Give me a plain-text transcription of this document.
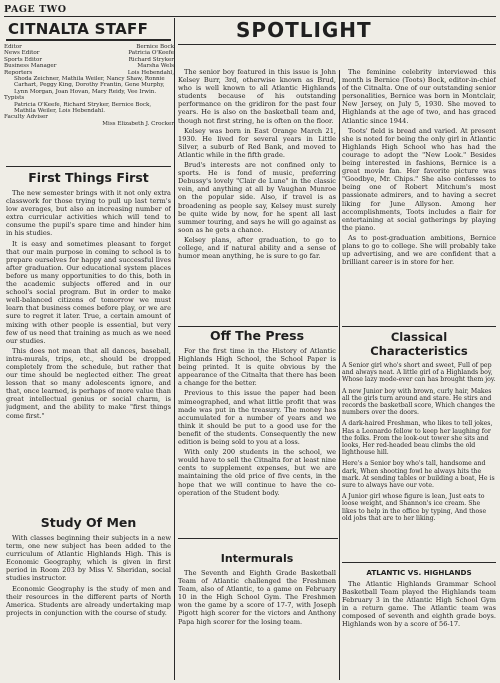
PAGE TWO
CITNALTA STAFF
Editor	Bernice Bock
News Editor	Patricia O'Keefe
Sports Editor	Richard Stryker
Business Manager	Marsha Wels
Reporters	Lois Hebendahl,
Shoda Zeichner, Mathila Weiler, Nancy Shaw, Ronnie Carhart, Peggy King, Dorothy Frantin, Gene Murphy, Lynn Morgan, Joan Hovan, Mary Reidy, Vee Irwin.
Typists
Patricia O'Keefe, Richard Stryker, Bernice Bock, Mathila Weiler, Lois Hebendahl.
Faculty Adviser
Miss Elizabeth J. Crocker
First Things First

The new semester brings with it not only extra classwork for those trying to pull up last term's low averages, but also an increasing number of extra curricular activities which will tend to consume the pupil's spare time and hinder him in his studies.

It is easy and sometimes pleasant to forget that our main purpose in coming to school is to prepare ourselves for happy and successful lives after graduation. Our educational system places before us many opportunities to do this, both in the academic subjects offered and in our school's social program. But in order to make well-balanced citizens of tomorrow we must learn that business comes before play, or we are sure to regret it later. True, a certain amount of mixing with other people is essential, but very few of us need that training as much as we need our studies.

This does not mean that all dances, baseball, intra-murals, trips, etc., should be dropped completely from the schedule, but rather that our time should be neglected either. The great lesson that so many adolescents ignore, and that, once learned, is perhaps of more value than great intellectual genius or social charm, is judgment, and the ability to make "first things come first."

Study Of Men

With classes beginning their subjects in a new term, one new subject has been added to the curriculum of Atlantic Highlands High. This is Economic Geography, which is given in first period in Room 203 by Miss V. Sheridan, social studies instructor.

Economic Geography is the study of men and their resources in the different parts of North America. Students are already undertaking map projects in conjunction with the course of study.

SPOTLIGHT

The senior boy featured in this issue is John Kelsey Burr, 3rd, otherwise known as Brud, who is well known to all Atlantic Highlands students because of his outstanding performance on the gridiron for the past four years. He is also on the basketball team and, though not first string, he is often on the floor.

Kelsey was born in East Orange March 21, 1930. He lived for several years in Little Silver, a suburb of Red Bank, and moved to Atlantic while in the fifth grade.

Brud's interests are not confined only to sports. He is fond of music, preferring Debussy's lovely "Clair de Lune" in the classic vein, and anything at all by Vaughan Munroe on the popular side. Also, if travel is as broadening as people say, Kelsey must surely be quite wide by now, for he spent all last summer touring, and says he will go against as soon as he gets a chance.

Kelsey plans, after graduation, to go to college, and if natural ability and a sense of humor mean anything, he is sure to go far.

The feminine celebrity interviewed this month is Bernice (Toots) Bock, editor-in-chief of the Citnalta. One of our outstanding senior personalities, Bernice was born in Montclair, New Jersey, on July 5, 1930. She moved to Highlands at the age of two, and has graced Atlantic since 1944.

Toots' field is bread and varied. At present she is noted for being the only girl in Atlantic Highlands High School who has had the courage to adopt the "New Look." Besides being interested in fashions, Bernice is a great movie fan. Her favorite picture was "Goodbye, Mr. Chips." She also confesses to being one of Robert Mitchum's most passionate admirers, and to having a secret liking for June Allyson. Among her accomplishments, Toots includes a flair for entertaining at social gatherings by playing the piano.

As to post-graduation ambitions, Bernice plans to go to college. She will probably take up advertising, and we are confident that a brilliant career is in store for her.

Off The Press

For the first time in the History of Atlantic Highlands High School, the School Paper is being printed. It is quite obvious by the appearance of the Citnalta that there has been a change for the better.

Previous to this issue the paper had been mimeographed, and what little profit that was made was put in the treasury. The money has accumulated for a number of years and we think it should be put to a good use for the benefit of the students. Consequently the new edition is being sold to you at a loss.

With only 200 students in the school, we would have to sell the Citnalta for at least nine cents to supplement expenses, but we are maintaining the old price of five cents, in the hope that we will continue to have the co-operation of the Student body.

Intermurals

The Seventh and Eighth Grade Basketball Team of Atlantic challenged the Freshmen Team, also of Atlantic, to a game on February 10 in the High School Gym. The Freshmen won the game by a score of 17-7, with Joseph Pigott high scorer for the victors and Anthony Papa high scorer for the losing team.

Classical Characteristics

A Senior girl who's short and sweet, Full of pep and always neat. A little girl of a Highlands boy, Whose lazy mode-ever can has brought them joy.

A new Junior boy with brown, curly hair, Makes all the girls turn around and stare. He stirs and records the basketball score, Which changes the numbers over the doors.

A dark-haired Freshman, who likes to tell jokes, Has a Leonardo fellow to keep her laughing for the folks. From the look-out tower she sits and looks, Her red-headed beau climbs the old lighthouse hill.

Here's a Senior boy who's tall, handsome and dark, When shooting fowl he always hits the mark. At sending tables or building a boat, He is sure to always have our vote.

A Junior girl whose figure is lean, Just eats to loose weight, and Shannon's ice cream. She likes to help in the office by typing, And those old jobs that are to her liking.

ATLANTIC VS. HIGHLANDS

The Atlantic Highlands Grammar School Basketball Team played the Highlands team February 3 in the Atlantic High School Gym in a return game. The Atlantic team was composed of seventh and eighth grade boys. Highlands won by a score of 56-17.
